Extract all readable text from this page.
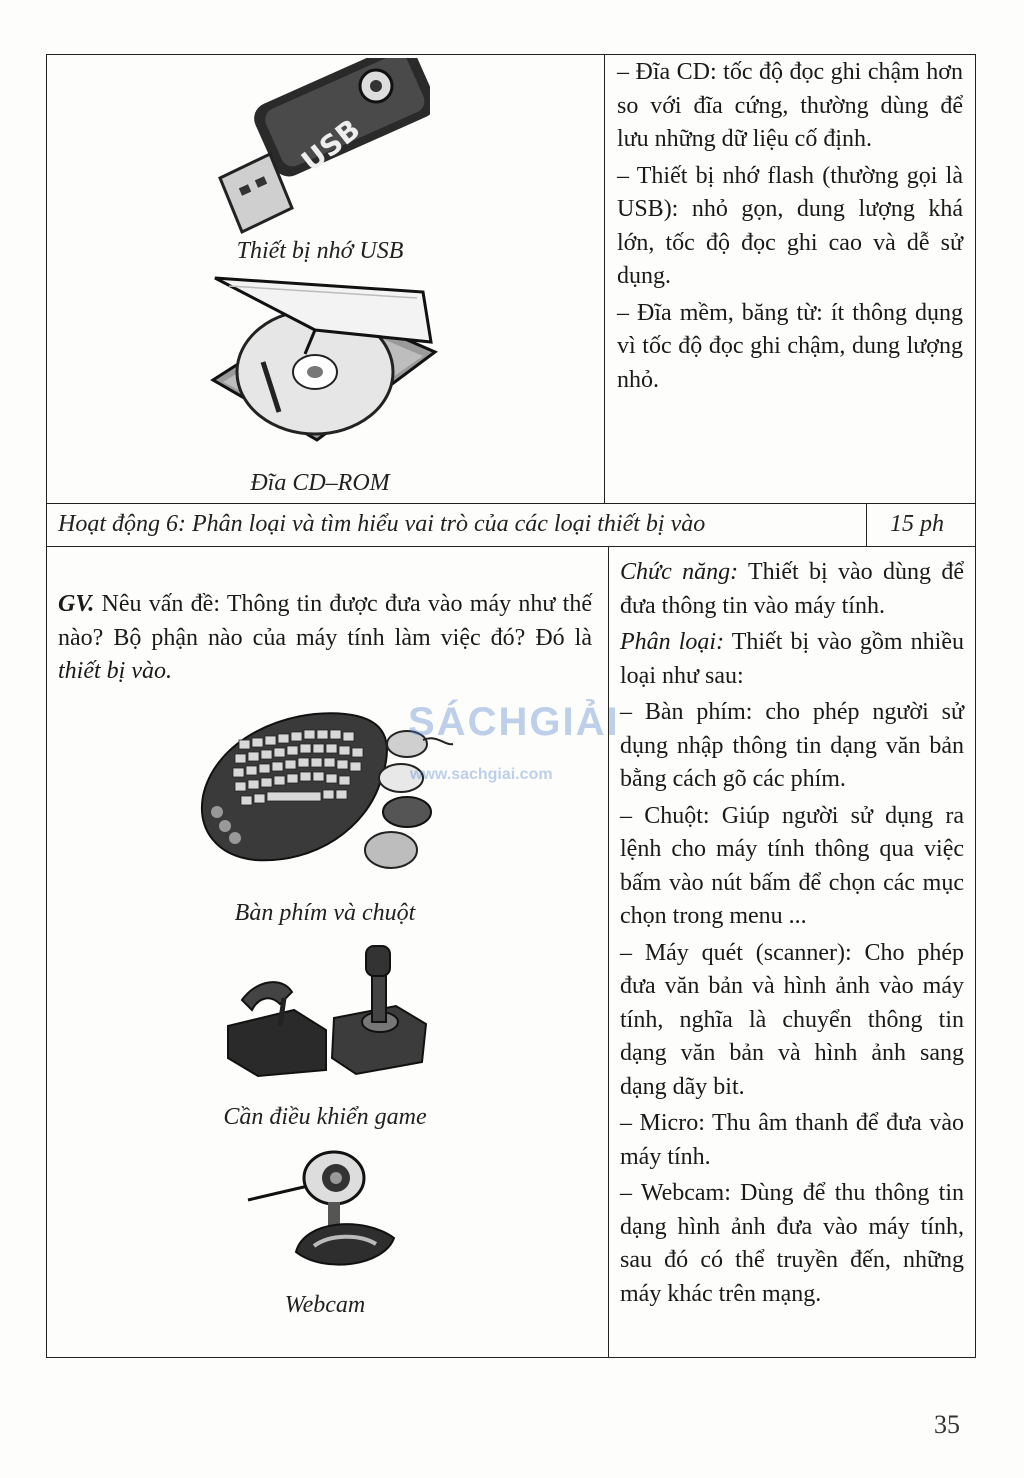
USB
Thiết bị nhớ USB
Đĩa CD–ROM

– Đĩa CD: tốc độ đọc ghi chậm hơn so với đĩa cứng, thường dùng để lưu những dữ liệu cố định.

– Thiết bị nhớ flash (thường gọi là USB): nhỏ gọn, dung lượng khá lớn, tốc độ đọc ghi cao và dễ sử dụng.

– Đĩa mềm, băng từ: ít thông dụng vì tốc độ đọc ghi chậm, dung lượng nhỏ.

Hoạt động 6: Phân loại và tìm hiểu vai trò của các loại thiết bị vào	15 ph
GV. Nêu vấn đề: Thông tin được đưa vào máy như thế nào? Bộ phận nào của máy tính làm việc đó? Đó là thiết bị vào.
Bàn phím và chuột
Cần điều khiển game
Webcam

Chức năng: Thiết bị vào dùng để đưa thông tin vào máy tính.

Phân loại: Thiết bị vào gồm nhiều loại như sau:

– Bàn phím: cho phép người sử dụng nhập thông tin dạng văn bản bằng cách gõ các phím.

– Chuột: Giúp người sử dụng ra lệnh cho máy tính thông qua việc bấm vào nút bấm để chọn các mục chọn trong menu ...

– Máy quét (scanner): Cho phép đưa văn bản và hình ảnh vào máy tính, nghĩa là chuyển thông tin dạng văn bản và hình ảnh sang dạng dãy bit.

– Micro: Thu âm thanh để đưa vào máy tính.

– Webcam: Dùng để thu thông tin dạng hình ảnh đưa vào máy tính, sau đó có thể truyền đến, những máy khác trên mạng.

SÁCHGIẢI
www.sachgiai.com
35
